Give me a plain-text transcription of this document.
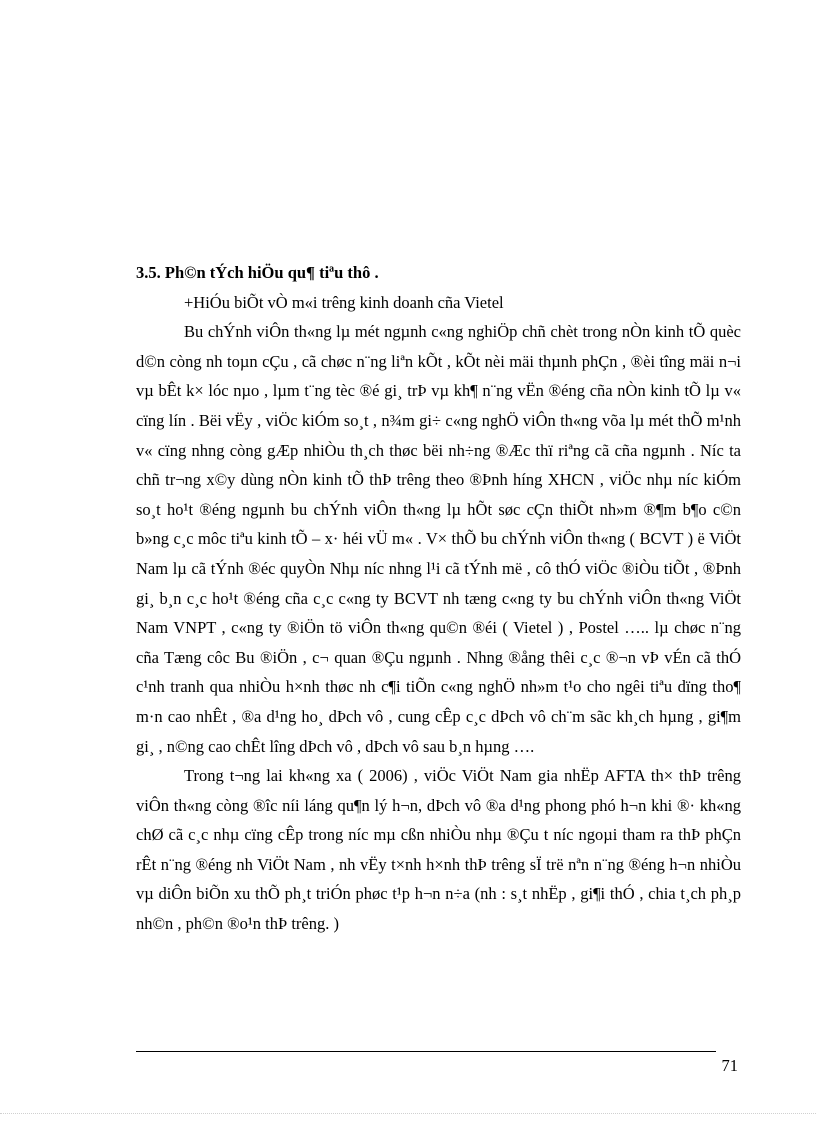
3.5. Ph©n tÝch hiÖu qu¶ tiªu thô .

+HiÓu biÕt vÒ m«i trêng kinh doanh cña Vietel

Bu chÝnh viÔn th«ng lµ mét ngµnh c«ng nghiÖp chñ chèt trong nÒn kinh tÕ quèc d©n còng nh toµn cÇu , cã chøc n¨ng liªn kÕt , kÕt nèi mäi thµnh phÇn , ®èi tîng mäi n¬i vµ bÊt k× lóc nµo , lµm t¨ng tèc ®é gi¸ trÞ vµ kh¶ n¨ng vËn ®éng cña nÒn kinh tÕ lµ v« cïng lín . Bëi vËy , viÖc kiÓm so¸t , n¾m gi÷ c«ng nghÖ viÔn th«ng võa lµ mét thÕ m¹nh v« cïng nhng còng gÆp nhiÒu th¸ch thøc bëi nh÷ng ®Æc thï riªng cã cña ngµnh . Níc ta chñ tr¬ng x©y dùng nÒn kinh tÕ thÞ trêng theo ®Þnh híng XHCN , viÖc nhµ níc kiÓm so¸t ho¹t ®éng ngµnh bu chÝnh viÔn th«ng lµ hÕt søc cÇn thiÕt nh»m ®¶m b¶o c©n b»ng c¸c môc tiªu kinh tÕ – x· héi vÜ m« . V× thÕ bu chÝnh viÔn th«ng ( BCVT ) ë ViÖt Nam lµ cã tÝnh ®éc quyÒn Nhµ níc nhng l¹i cã tÝnh më , cô thÓ viÖc ®iÒu tiÕt , ®Þnh gi¸ b¸n c¸c ho¹t ®éng cña c¸c c«ng ty BCVT nh tæng c«ng ty bu chÝnh viÔn th«ng ViÖt Nam VNPT , c«ng ty ®iÖn tö viÔn th«ng qu©n ®éi ( Vietel ) , Postel ….. lµ chøc n¨ng cña Tæng côc Bu ®iÖn , c¬ quan ®Çu ngµnh . Nhng ®ång thêi c¸c ®¬n vÞ vÉn cã thÓ c¹nh tranh qua nhiÒu h×nh thøc nh c¶i tiÕn c«ng nghÖ nh»m t¹o cho ngêi tiªu dïng tho¶ m·n cao nhÊt , ®a d¹ng ho¸ dÞch vô , cung cÊp c¸c dÞch vô ch¨m sãc kh¸ch hµng , gi¶m gi¸ , n©ng cao chÊt lîng dÞch vô , dÞch vô sau b¸n hµng ….

Trong t¬ng lai kh«ng xa ( 2006) , viÖc ViÖt Nam gia nhËp AFTA th× thÞ trêng viÔn th«ng còng ®îc níi láng qu¶n lý h¬n, dÞch vô ®a d¹ng phong phó h¬n khi ®· kh«ng chØ cã c¸c nhµ cïng cÊp trong níc mµ cßn nhiÒu nhµ ®Çu t níc ngoµi tham ra thÞ phÇn rÊt n¨ng ®éng nh ViÖt Nam , nh vËy t×nh h×nh thÞ trêng sÏ trë nªn n¨ng ®éng h¬n nhiÒu vµ diÔn biÕn xu thÕ ph¸t triÓn phøc t¹p h¬n n÷a (nh : s¸t nhËp , gi¶i thÓ , chia t¸ch ph¸p nh©n , ph©n ®o¹n thÞ trêng. )

71
